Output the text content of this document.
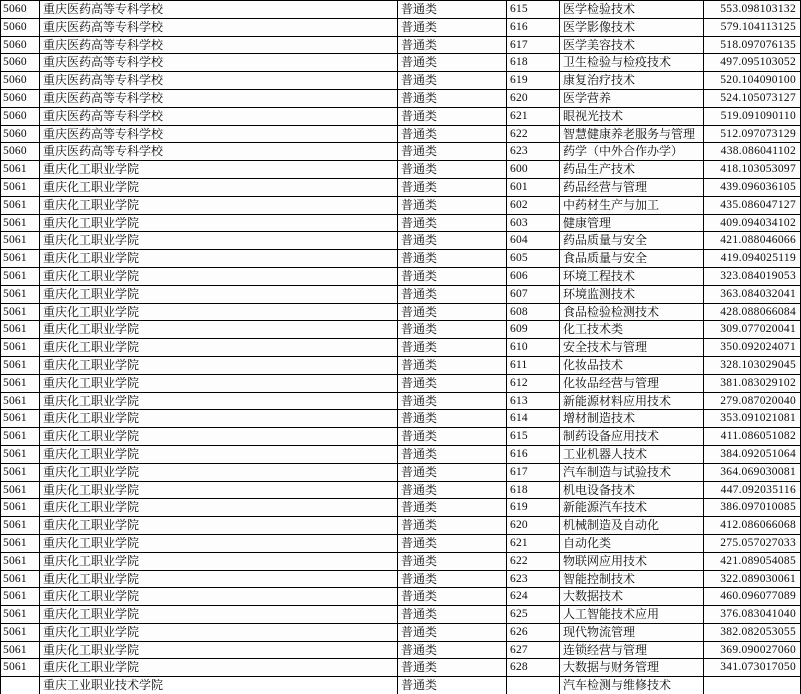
5060	重庆医药高等专科学校	普通类	615	医学检验技术	553.098103132
5060	重庆医药高等专科学校	普通类	616	医学影像技术	579.104113125
5060	重庆医药高等专科学校	普通类	617	医学美容技术	518.097076135
5060	重庆医药高等专科学校	普通类	618	卫生检验与检疫技术	497.095103052
5060	重庆医药高等专科学校	普通类	619	康复治疗技术	520.104090100
5060	重庆医药高等专科学校	普通类	620	医学营养	524.105073127
5060	重庆医药高等专科学校	普通类	621	眼视光技术	519.091090110
5060	重庆医药高等专科学校	普通类	622	智慧健康养老服务与管理	512.097073129
5060	重庆医药高等专科学校	普通类	623	药学（中外合作办学）	438.086041102
5061	重庆化工职业学院	普通类	600	药品生产技术	418.103053097
5061	重庆化工职业学院	普通类	601	药品经营与管理	439.096036105
5061	重庆化工职业学院	普通类	602	中药材生产与加工	435.086047127
5061	重庆化工职业学院	普通类	603	健康管理	409.094034102
5061	重庆化工职业学院	普通类	604	药品质量与安全	421.088046066
5061	重庆化工职业学院	普通类	605	食品质量与安全	419.094025119
5061	重庆化工职业学院	普通类	606	环境工程技术	323.084019053
5061	重庆化工职业学院	普通类	607	环境监测技术	363.084032041
5061	重庆化工职业学院	普通类	608	食品检验检测技术	428.088066084
5061	重庆化工职业学院	普通类	609	化工技术类	309.077020041
5061	重庆化工职业学院	普通类	610	安全技术与管理	350.092024071
5061	重庆化工职业学院	普通类	611	化妆品技术	328.103029045
5061	重庆化工职业学院	普通类	612	化妆品经营与管理	381.083029102
5061	重庆化工职业学院	普通类	613	新能源材料应用技术	279.087020040
5061	重庆化工职业学院	普通类	614	增材制造技术	353.091021081
5061	重庆化工职业学院	普通类	615	制药设备应用技术	411.086051082
5061	重庆化工职业学院	普通类	616	工业机器人技术	384.092051064
5061	重庆化工职业学院	普通类	617	汽车制造与试验技术	364.069030081
5061	重庆化工职业学院	普通类	618	机电设备技术	447.092035116
5061	重庆化工职业学院	普通类	619	新能源汽车技术	386.097010085
5061	重庆化工职业学院	普通类	620	机械制造及自动化	412.086066068
5061	重庆化工职业学院	普通类	621	自动化类	275.057027033
5061	重庆化工职业学院	普通类	622	物联网应用技术	421.089054085
5061	重庆化工职业学院	普通类	623	智能控制技术	322.089030061
5061	重庆化工职业学院	普通类	624	大数据技术	460.096077089
5061	重庆化工职业学院	普通类	625	人工智能技术应用	376.083041040
5061	重庆化工职业学院	普通类	626	现代物流管理	382.082053055
5061	重庆化工职业学院	普通类	627	连锁经营与管理	369.090027060
5061	重庆化工职业学院	普通类	628	大数据与财务管理	341.073017050
	重庆工业职业技术学院	普通类		汽车检测与维修技术	
